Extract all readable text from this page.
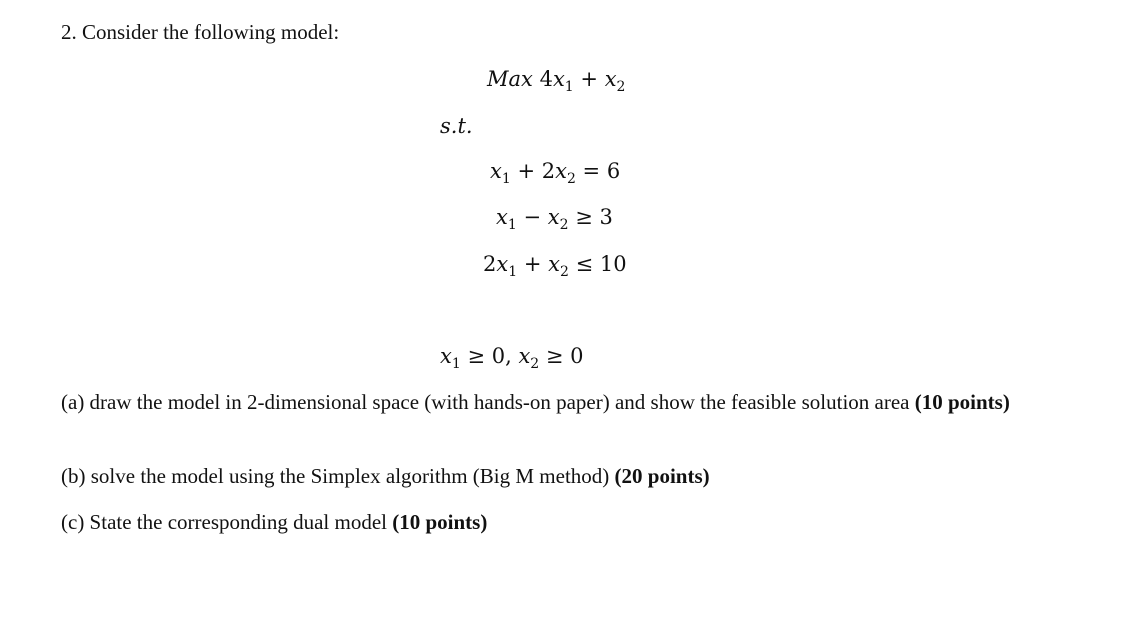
2. Consider the following model:
Max $4x_1 + x_2$
s.t.
$x_1 + 2x_2 = 6$
$x_1 - x_2 \ge 3$
$2x_1 + x_2 \le 10$
$x_1 \ge 0$, $x_2 \ge 0$
(a) draw the model in 2-dimensional space (with hands-on paper) and show the feasible solution area (10 points)
(b) solve the model using the Simplex algorithm (Big M method) (20 points)
(c) State the corresponding dual model (10 points)
